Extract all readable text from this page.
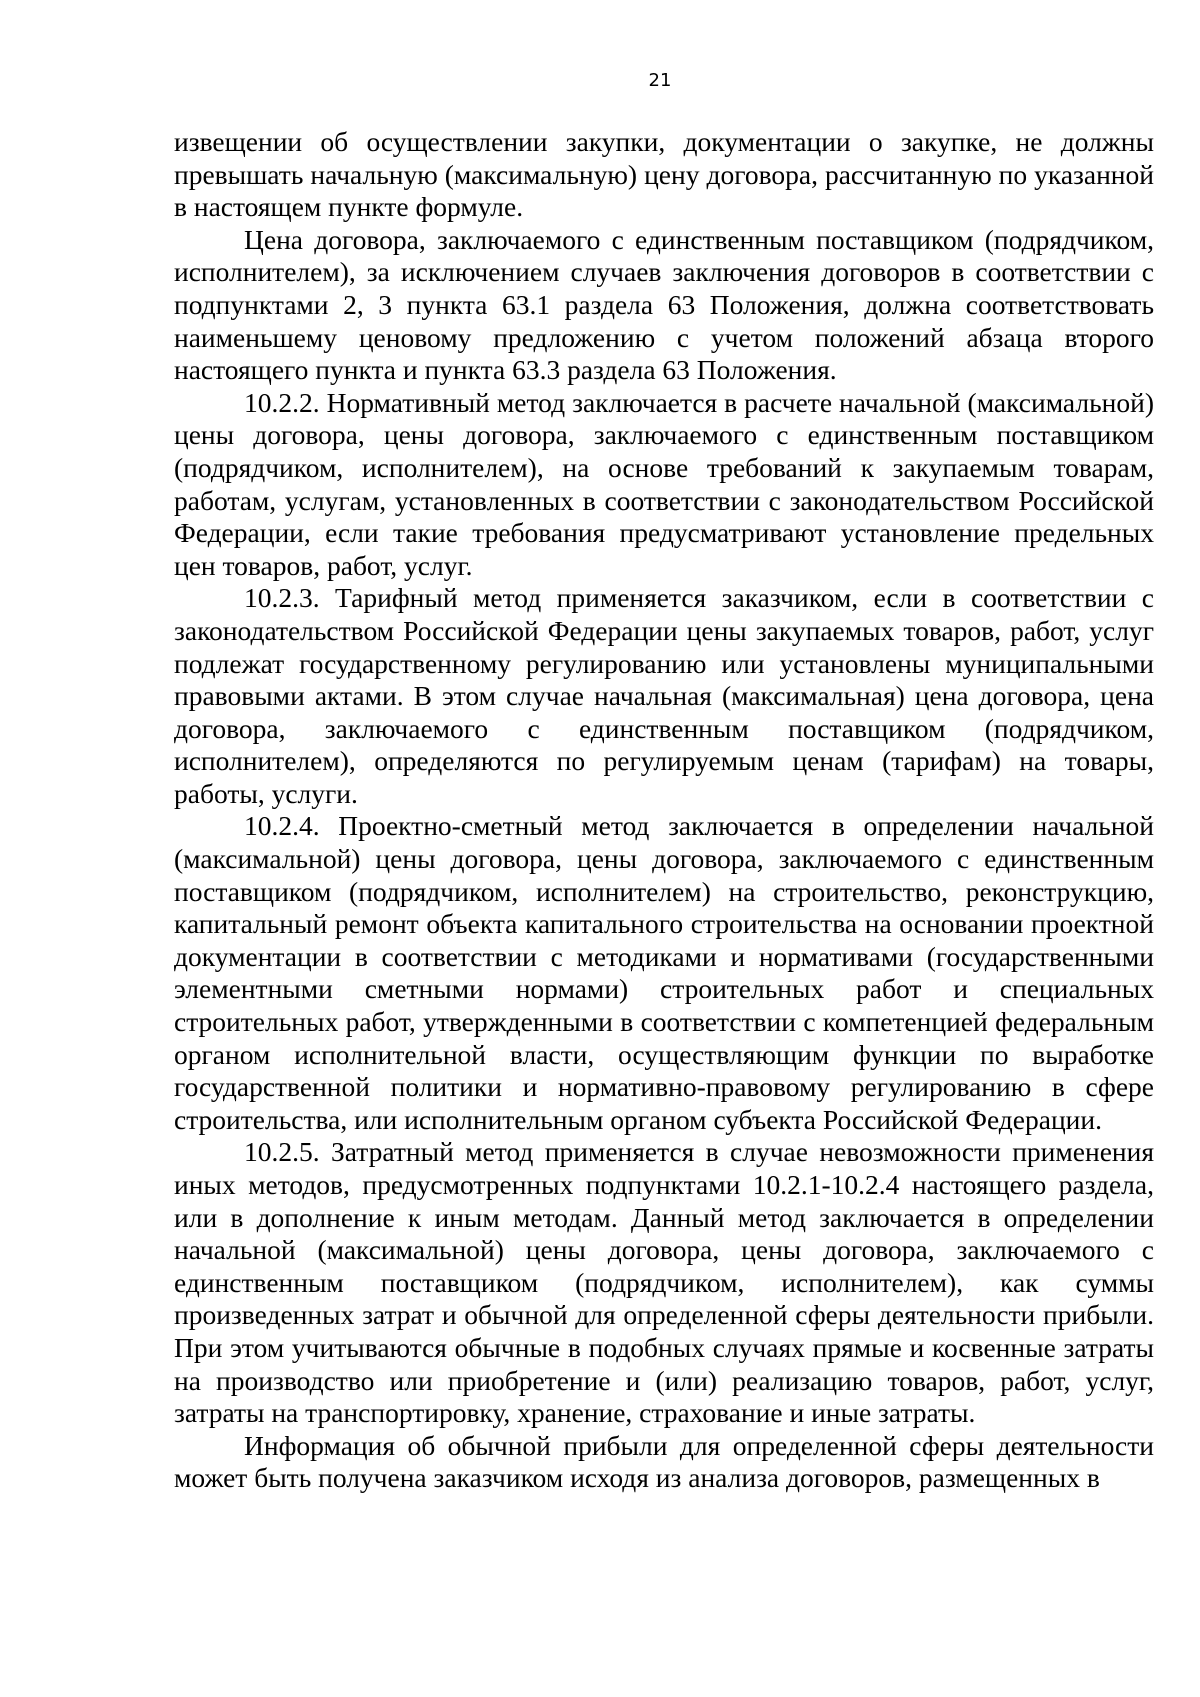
21

извещении об осуществлении закупки, документации о закупке, не должны превышать начальную (максимальную) цену договора, рассчитанную по указанной в настоящем пункте формуле.

Цена договора, заключаемого с единственным поставщиком (подрядчиком, исполнителем), за исключением случаев заключения договоров в соответствии с подпунктами 2, 3 пункта 63.1 раздела 63 Положения, должна соответствовать наименьшему ценовому предложению с учетом положений абзаца второго настоящего пункта и пункта 63.3 раздела 63 Положения.

10.2.2. Нормативный метод заключается в расчете начальной (максимальной) цены договора, цены договора, заключаемого с единственным поставщиком (подрядчиком, исполнителем), на основе требований к закупаемым товарам, работам, услугам, установленных в соответствии с законодательством Российской Федерации, если такие требования предусматривают установление предельных цен товаров, работ, услуг.

10.2.3. Тарифный метод применяется заказчиком, если в соответствии с законодательством Российской Федерации цены закупаемых товаров, работ, услуг подлежат государственному регулированию или установлены муниципальными правовыми актами. В этом случае начальная (максимальная) цена договора, цена договора, заключаемого с единственным поставщиком (подрядчиком, исполнителем), определяются по регулируемым ценам (тарифам) на товары, работы, услуги.

10.2.4. Проектно-сметный метод заключается в определении начальной (максимальной) цены договора, цены договора, заключаемого с единственным поставщиком (подрядчиком, исполнителем) на строительство, реконструкцию, капитальный ремонт объекта капитального строительства на основании проектной документации в соответствии с методиками и нормативами (государственными элементными сметными нормами) строительных работ и специальных строительных работ, утвержденными в соответствии с компетенцией федеральным органом исполнительной власти, осуществляющим функции по выработке государственной политики и нормативно-правовому регулированию в сфере строительства, или исполнительным органом субъекта Российской Федерации.

10.2.5. Затратный метод применяется в случае невозможности применения иных методов, предусмотренных подпунктами 10.2.1-10.2.4 настоящего раздела, или в дополнение к иным методам. Данный метод заключается в определении начальной (максимальной) цены договора, цены договора, заключаемого с единственным поставщиком (подрядчиком, исполнителем), как суммы произведенных затрат и обычной для определенной сферы деятельности прибыли. При этом учитываются обычные в подобных случаях прямые и косвенные затраты на производство или приобретение и (или) реализацию товаров, работ, услуг, затраты на транспортировку, хранение, страхование и иные затраты.

Информация об обычной прибыли для определенной сферы деятельности может быть получена заказчиком исходя из анализа договоров, размещенных в
